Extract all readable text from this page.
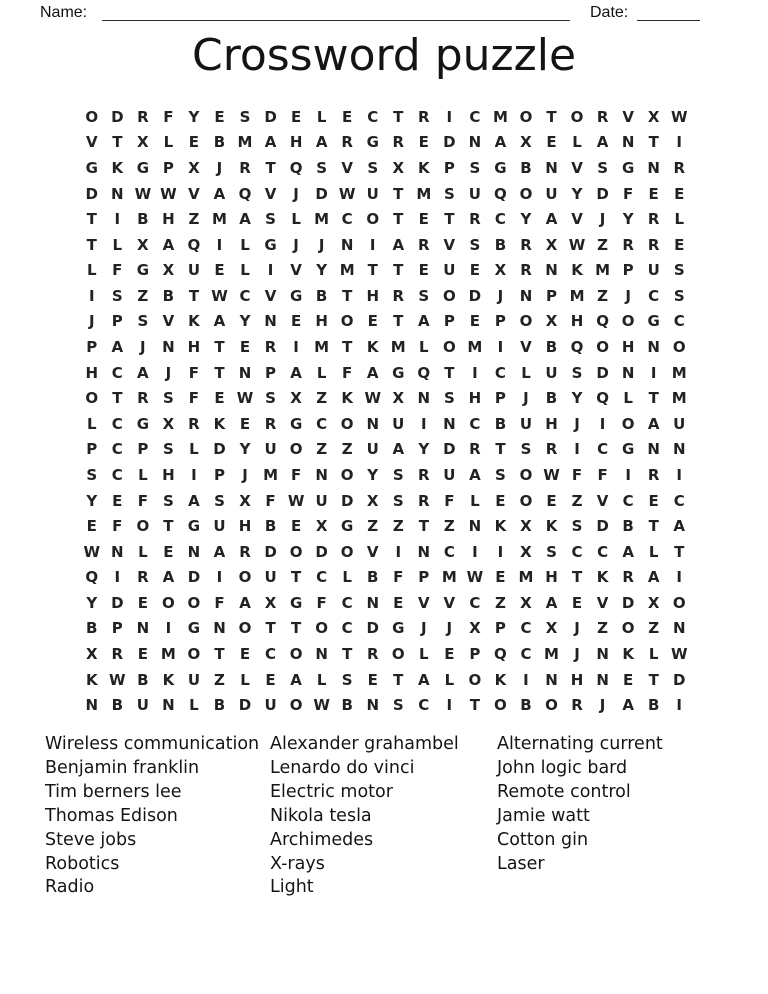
Name:	Date:
Crossword puzzle
O D R F Y E	S D E	L	E C T R	I	C M O T O R V X W
V T X L	E B M A H A R G R E D N A X E	L A N T	I
G K G P X	J	R T Q S V S X K P S G B N V S G N R
D N W W V A Q V	J	D W U T M S U Q O U Y D F	E	E
T	I	B H Z M A S	L M C O T	E	T R C Y A V	J	Y R L
T	L X A Q	I	L G	J	J	N	I	A R V S B R X W Z R R E
L	F G X U E	L	I	V Y M T	T	E U E X R N K M P U S
I	S Z B T W C V G B T H R S O D	J	N P M Z	J	C S
J	P S V K A Y N E H O E	T A P E P O X H Q O G C
P A	J	N H T	E R	I	M T K M L O M	I	V B Q O H N O
H C A	J	F	T N P A L	F A G Q T	I	C	L U S D N	I	M
O T R S	F	E W S X Z K W X N S H P	J	B Y Q L	T M
L	C G X R K E R G C O N U	I	N C B U H	J	I	O A U
P C P S	L D Y U O Z Z U A Y D R T	S R	I	C G N N
S C	L H	I	P	J	M F N O Y S R U A S O W F	F	I	R	I
Y E	F	S A S X F W U D X S R F	L	E O E Z V C E C
E	F O T G U H B E X G Z Z T Z N K X K S D B T A
W N L	E N A R D O D O V	I	N C	I	I	X S C C A L	T
Q	I	R A D	I	O U T C	L	B F P M W E M H T K R A	I
Y D E O O F A X G F C N E V V C Z X A E V D X O
B P N	I	G N O T	T O C D G	J	J	X P C X	J	Z O Z N
X R E M O T	E C O N T R O L	E P Q C M	J	N K L W
K W B K U Z	L	E A L	S	E	T A L O K	I	N H N E	T D
N B U N L	B D U O W B N S C	I	T O B O R	J	A B	I
Wireless communication
Benjamin franklin
Tim berners lee
Thomas Edison
Steve jobs
Robotics
Radio
Alexander grahambel
Lenardo do vinci
Electric motor
Nikola tesla
Archimedes
X-rays
Light
Alternating current
John logic bard
Remote control
Jamie watt
Cotton gin
Laser
